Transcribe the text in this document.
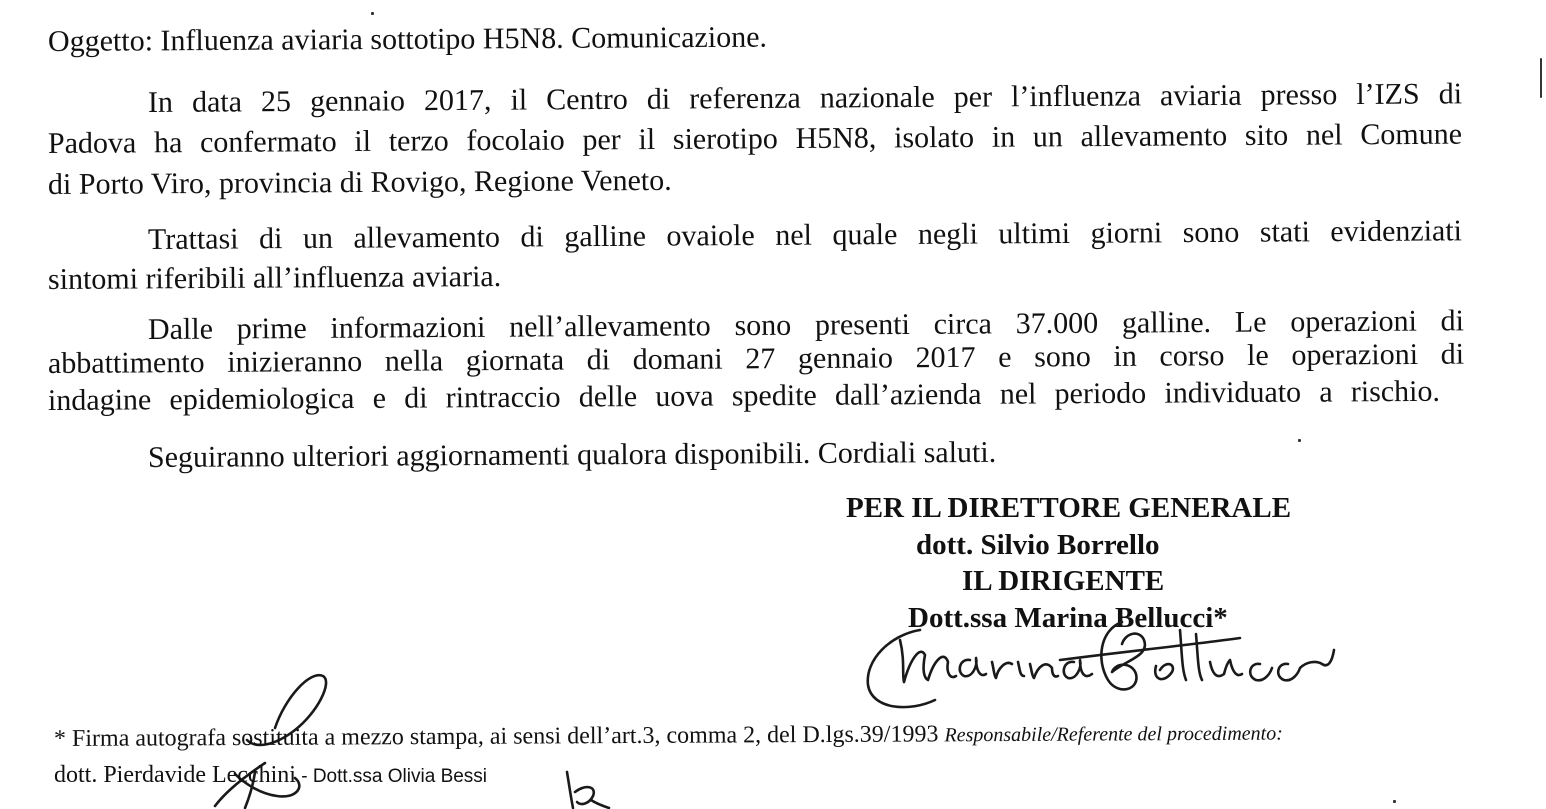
Oggetto: Influenza aviaria sottotipo H5N8. Comunicazione.
In data 25 gennaio 2017, il Centro di referenza nazionale per l’influenza aviaria presso l’IZS di
Padova ha confermato il terzo focolaio per il sierotipo H5N8, isolato in un allevamento sito nel Comune
di Porto Viro, provincia di Rovigo, Regione Veneto.
Trattasi di un allevamento di galline ovaiole nel quale negli ultimi giorni sono stati evidenziati
sintomi riferibili all’influenza aviaria.
Dalle prime informazioni nell’allevamento sono presenti circa 37.000 galline. Le operazioni di
abbattimento inizieranno nella giornata di domani 27 gennaio 2017 e sono in corso le operazioni di
indagine epidemiologica e di rintraccio delle uova spedite dall’azienda nel periodo individuato a rischio.
Seguiranno ulteriori aggiornamenti qualora disponibili. Cordiali saluti.
PER IL DIRETTORE GENERALE
dott. Silvio Borrello
IL DIRIGENTE
Dott.ssa Marina Bellucci*
* Firma autografa sostituita a mezzo stampa, ai sensi dell’art.3, comma 2, del D.lgs.39/1993 Responsabile/Referente del procedimento:
dott. Pierdavide Lecchini - Dott.ssa Olivia Bessi
